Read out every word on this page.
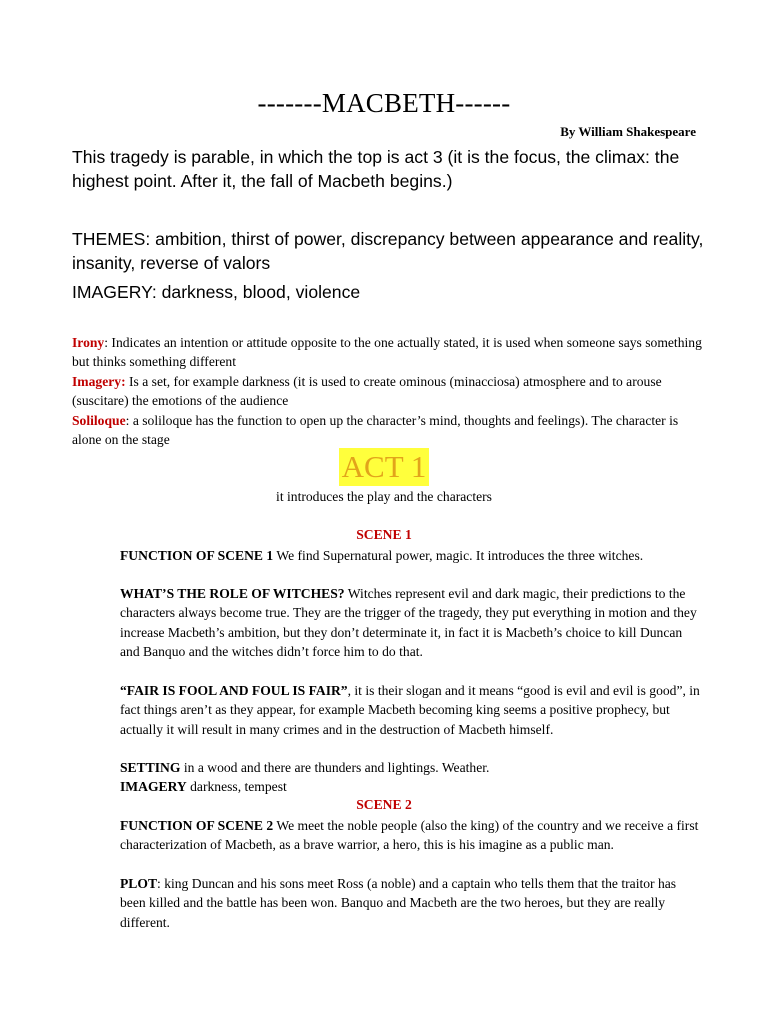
-------MACBETH------
By William Shakespeare
This tragedy is parable, in which the top is act 3 (it is the focus, the climax: the highest point. After it, the fall of Macbeth begins.)
THEMES: ambition, thirst of power, discrepancy between appearance and reality, insanity, reverse of valors
IMAGERY: darkness, blood, violence
Irony: Indicates an intention or attitude opposite to the one actually stated, it is used when someone says something but thinks something different
Imagery: Is a set, for example darkness (it is used to create ominous (minacciosa) atmosphere and to arouse (suscitare) the emotions of the audience
Soliloque: a soliloque has the function to open up the character’s mind, thoughts and feelings). The character is alone on the stage
ACT 1
it introduces the play and the characters
SCENE 1
FUNCTION OF SCENE 1 We find Supernatural power, magic. It introduces the three witches.
WHAT’S THE ROLE OF WITCHES? Witches represent evil and dark magic, their predictions to the characters always become true. They are the trigger of the tragedy, they put everything in motion and they increase Macbeth’s ambition, but they don’t determinate it, in fact it is Macbeth’s choice to kill Duncan and Banquo and the witches didn’t force him to do that.
“FAIR IS FOOL AND FOUL IS FAIR”, it is their slogan and it means “good is evil and evil is good”, in fact things aren’t as they appear, for example Macbeth becoming king seems a positive prophecy, but actually it will result in many crimes and in the destruction of Macbeth himself.
SETTING in a wood and there are thunders and lightings. Weather.
IMAGERY darkness, tempest
SCENE 2
FUNCTION OF SCENE 2 We meet the noble people (also the king) of the country and we receive a first characterization of Macbeth, as a brave warrior, a hero, this is his imagine as a public man.
PLOT: king Duncan and his sons meet Ross (a noble) and a captain who tells them that the traitor has been killed and the battle has been won. Banquo and Macbeth are the two heroes, but they are really different.
